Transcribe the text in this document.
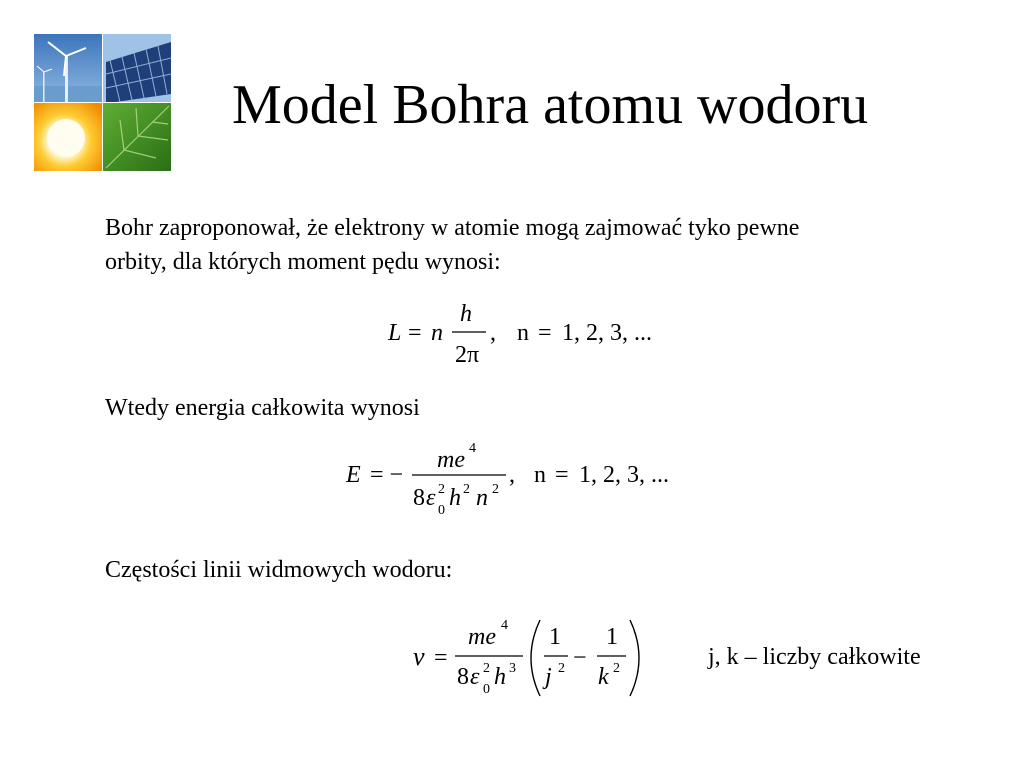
Model Bohra atomu wodoru
Bohr zaproponował, że elektrony w atomie mogą zajmować tyko pewne
orbity, dla których moment pędu wynosi:
L = n
h
2π
, n = 1, 2, 3, ...
Wtedy energia całkowita wynosi
E = −
me 4
8 ε 2
0 h 2 n 2
, n = 1, 2, 3, ...
Częstości linii widmowych wodoru:
ν =
me 4
8 ε 2
0 h 3
1
j 2 −
1
k 2	j, k – liczby całkowite
